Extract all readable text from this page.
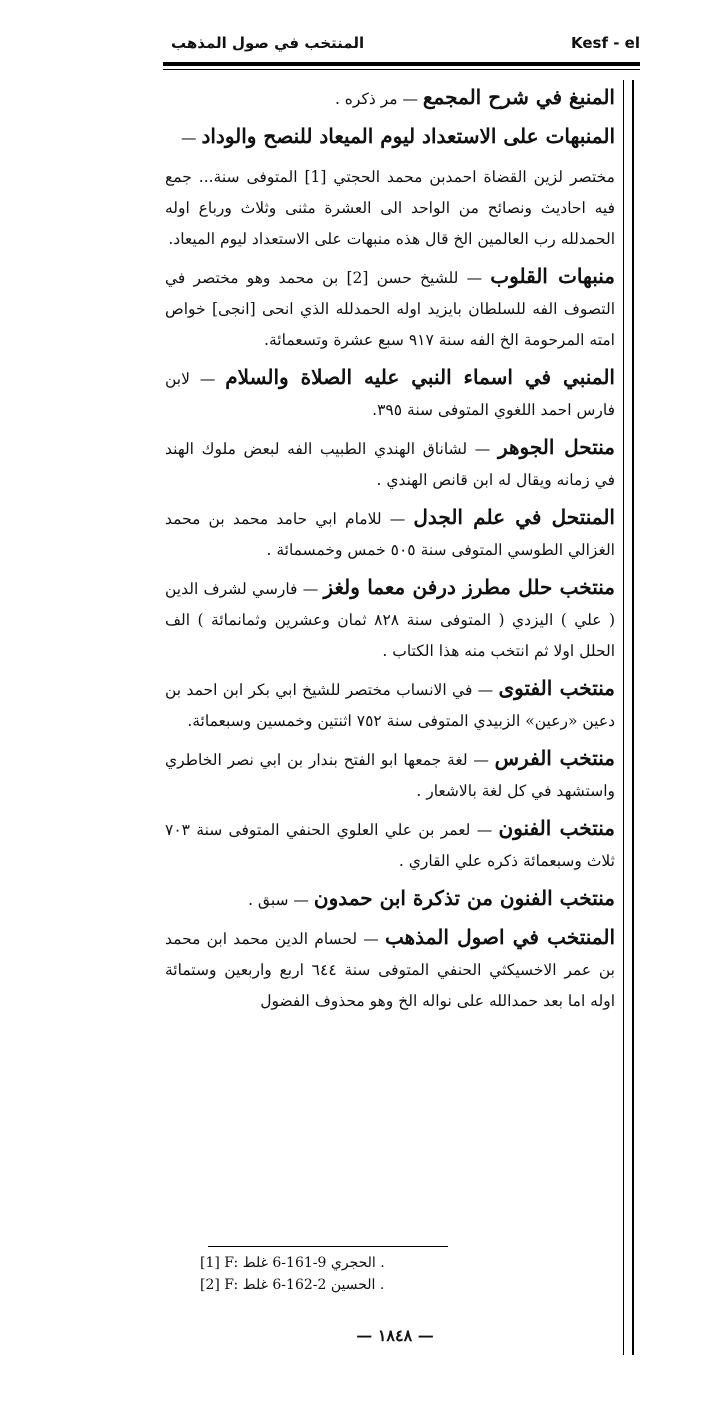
Kesf - el
المنتخب في صول المذهب

المنبغ في شرح المجمع — مر ذكره .

المنبهات على الاستعداد ليوم الميعاد للنصح والوداد —

مختصر لزين القضاة احمدبن محمد الحجتي [1] المتوفى سنة... جمع فيه احاديث ونصائح من الواحد الى العشرة مثنى وثلاث ورباع اوله الحمدلله رب العالمين الخ قال هذه منبهات على الاستعداد ليوم الميعاد.

منبهات القلوب — للشيخ حسن [2] بن محمد وهو مختصر في التصوف الفه للسلطان بايزيد اوله الحمدلله الذي انحى [انجى] خواص امته المرحومة الخ الفه سنة ٩١٧ سبع عشرة وتسعمائة.

المنبي في اسماء النبي عليه الصلاة والسلام — لابن فارس احمد اللغوي المتوفى سنة ٣٩٥.

منتحل الجوهر — لشاناق الهندي الطبيب الفه لبعض ملوك الهند في زمانه ويقال له ابن قانص الهندي .

المنتحل في علم الجدل — للامام ابي حامد محمد بن محمد الغزالي الطوسي المتوفى سنة ٥٠٥ خمس وخمسمائة .

منتخب حلل مطرز درفن معما ولغز — فارسي لشرف الدين ( علي ) اليزدي ( المتوفى سنة ٨٢٨ ثمان وعشرين وثمانمائة ) الف الحلل اولا ثم انتخب منه هذا الكتاب .

منتخب الفتوى — في الانساب مختصر للشيخ ابي بكر ابن احمد بن دعين «رعين» الزبيدي المتوفى سنة ٧٥٢ اثنتين وخمسين وسبعمائة.

منتخب الفرس — لغة جمعها ابو الفتح بندار بن ابي نصر الخاطري واستشهد في كل لغة بالاشعار .

منتخب الفنون — لعمر بن علي العلوي الحنفي المتوفى سنة ٧٠٣ ثلاث وسبعمائة ذكره علي القاري .

منتخب الفنون من تذكرة ابن حمدون — سبق .

المنتخب في اصول المذهب — لحسام الدين محمد ابن محمد بن عمر الاخسيكثي الحنفي المتوفى سنة ٦٤٤ اربع واربعين وستمائة اوله اما بعد حمدالله على نواله الخ وهو محذوف الفضول

[1] F: الحجري 9-161-6 غلط .
[2] F: الحسين 2-162-6 غلط .
— ١٨٤٨ —
